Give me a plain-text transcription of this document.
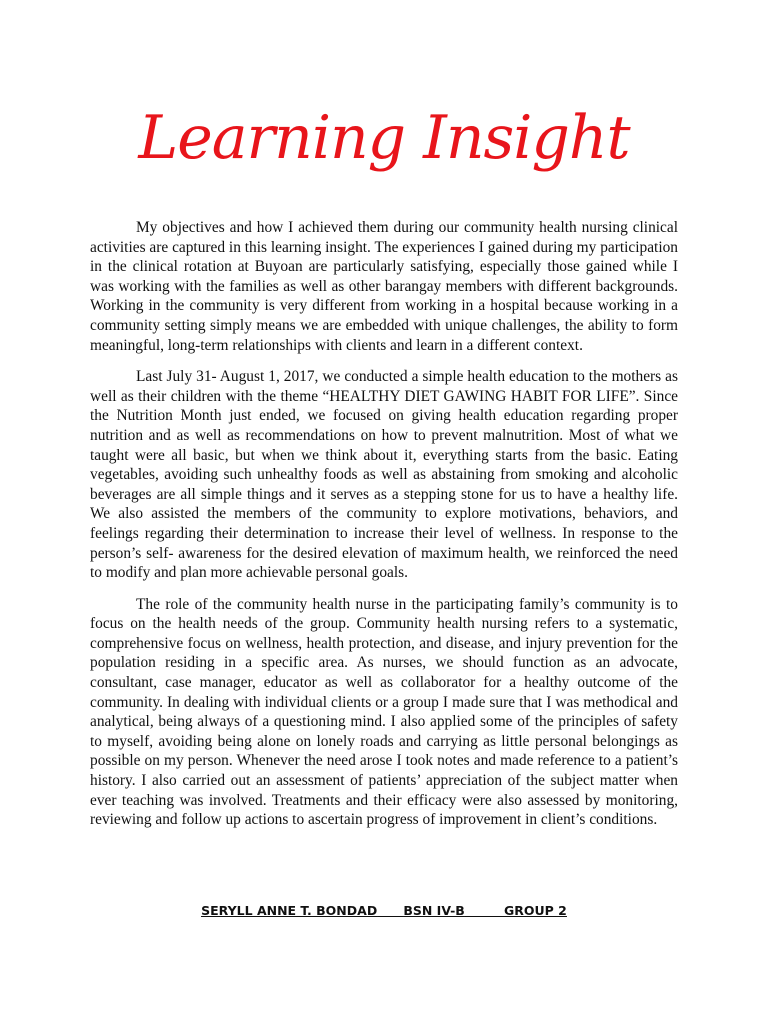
Learning Insight

My objectives and how I achieved them during our community health nursing clinical activities are captured in this learning insight. The experiences I gained during my participation in the clinical rotation at Buyoan are particularly satisfying, especially those gained while I was working with the families as well as other barangay members with different backgrounds. Working in the community is very different from working in a hospital because working in a community setting simply means we are embedded with unique challenges, the ability to form meaningful, long-term relationships with clients and learn in a different context.

Last July 31- August 1, 2017, we conducted a simple health education to the mothers as well as their children with the theme “HEALTHY DIET GAWING HABIT FOR LIFE”. Since the Nutrition Month just ended, we focused on giving health education regarding proper nutrition and as well as recommendations on how to prevent malnutrition. Most of what we taught were all basic, but when we think about it, everything starts from the basic. Eating vegetables, avoiding such unhealthy foods as well as abstaining from smoking and alcoholic beverages are all simple things and it serves as a stepping stone for us to have a healthy life. We also assisted the members of the community to explore motivations, behaviors, and feelings regarding their determination to increase their level of wellness. In response to the person’s self- awareness for the desired elevation of maximum health, we reinforced the need to modify and plan more achievable personal goals.

The role of the community health nurse in the participating family’s community is to focus on the health needs of the group. Community health nursing refers to a systematic, comprehensive focus on wellness, health protection, and disease, and injury prevention for the population residing in a specific area. As nurses, we should function as an advocate, consultant, case manager, educator as well as collaborator for a healthy outcome of the community. In dealing with individual clients or a group I made sure that I was methodical and analytical, being always of a questioning mind. I also applied some of the principles of safety to myself, avoiding being alone on lonely roads and carrying as little personal belongings as possible on my person. Whenever the need arose I took notes and made reference to a patient’s history. I also carried out an assessment of patients’ appreciation of the subject matter when ever teaching was involved. Treatments and their efficacy were also assessed by monitoring, reviewing and follow up actions to ascertain progress of improvement in client’s conditions.

SERYLL ANNE T. BONDAD
BSN IV-B
	GROUP 2
